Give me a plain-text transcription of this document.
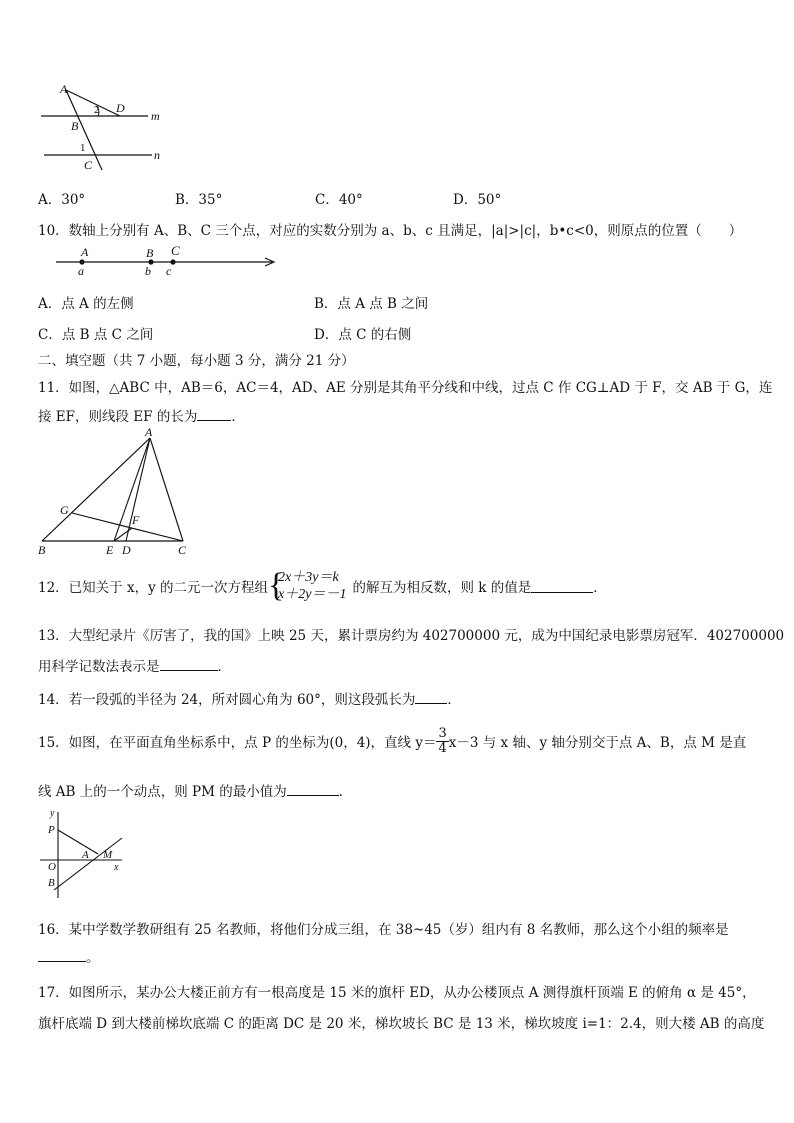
A
D
B
C
m
n
1
2
A．30°	B．35°	C．40°	D．50°
10．数轴上分别有 A、B、C 三个点，对应的实数分别为 a、b、c 且满足，|a|>|c|，b•c<0，则原点的位置（　　）
A	B C
a	b c
A．点 A 的左侧	B．点 A 点 B 之间
C．点 B 点 C 之间	D．点 C 的右侧
二、填空题（共 7 小题，每小题 3 分，满分 21 分）
11．如图，△ABC 中，AB＝6，AC＝4，AD、AE 分别是其角平分线和中线，过点 C 作 CG⊥AD 于 F，交 AB 于 G，连
接 EF，则线段 EF 的长为	．
A
G
F
B	E D	C
12．已知关于 x，y 的二元一次方程组 {
2x＋3y＝k
x＋2y＝－1 的解互为相反数，则 k 的值是	．
13．大型纪录片《厉害了，我的国》上映 25 天，累计票房约为 402700000 元，成为中国纪录电影票房冠军．402700000
用科学记数法表示是	．
14．若一段弧的半径为 24，所对圆心角为 60°，则这段弧长为 ．
15．如图，在平面直角坐标系中，点 P 的坐标为(0，4)，直线 $y= \frac{3}{4} x-3$ 与 x 轴、y 轴分别交于点 A、B，点 M 是直
线 AB 上的一个动点，则 PM 的最小值为	．
y
P
O
A M
x
B
16．某中学数学教研组有 25 名教师，将他们分成三组，在 38~45（岁）组内有 8 名教师，那么这个小组的频率是
。
17．如图所示，某办公大楼正前方有一根高度是 15 米的旗杆 ED，从办公楼顶点 A 测得旗杆顶端 E 的俯角 α 是 45°，
旗杆底端 D 到大楼前梯坎底端 C 的距离 DC 是 20 米，梯坎坡长 BC 是 13 米，梯坎坡度 i=1：2.4，则大楼 AB 的高度
